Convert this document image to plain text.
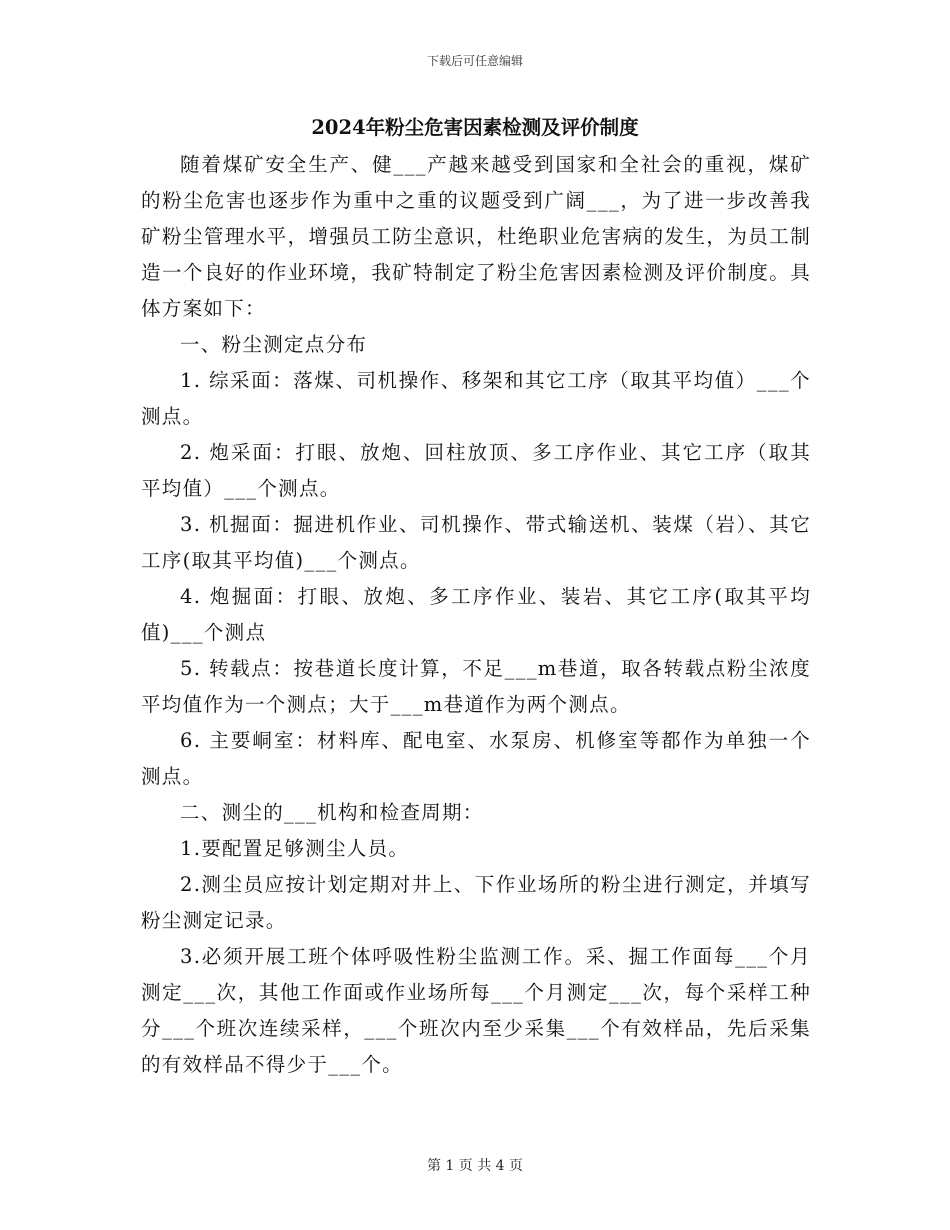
下载后可任意编辑
2024年粉尘危害因素检测及评价制度

随着煤矿安全生产、健___产越来越受到国家和全社会的重视，煤矿的粉尘危害也逐步作为重中之重的议题受到广阔___，为了进一步改善我矿粉尘管理水平，增强员工防尘意识，杜绝职业危害病的发生，为员工制造一个良好的作业环境，我矿特制定了粉尘危害因素检测及评价制度。具体方案如下：

一、粉尘测定点分布

1. 综采面：落煤、司机操作、移架和其它工序（取其平均值）___个测点。

2. 炮采面：打眼、放炮、回柱放顶、多工序作业、其它工序（取其平均值）___个测点。

3. 机掘面：掘进机作业、司机操作、带式输送机、装煤（岩）、其它工序(取其平均值)___个测点。

4. 炮掘面：打眼、放炮、多工序作业、装岩、其它工序(取其平均值)___个测点

5. 转载点：按巷道长度计算，不足___m巷道，取各转载点粉尘浓度平均值作为一个测点；大于___m巷道作为两个测点。

6. 主要峒室：材料库、配电室、水泵房、机修室等都作为单独一个测点。

二、测尘的___机构和检查周期：

1.要配置足够测尘人员。

2.测尘员应按计划定期对井上、下作业场所的粉尘进行测定，并填写粉尘测定记录。

3.必须开展工班个体呼吸性粉尘监测工作。采、掘工作面每___个月测定___次，其他工作面或作业场所每___个月测定___次，每个采样工种分___个班次连续采样，___个班次内至少采集___个有效样品，先后采集的有效样品不得少于___个。

第 1 页 共 4 页
